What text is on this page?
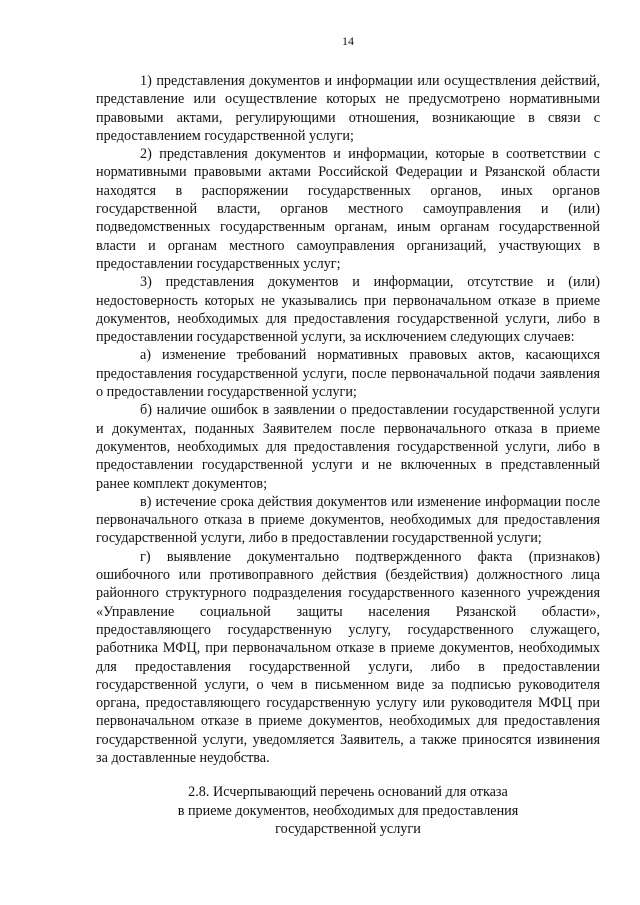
14

1) представления документов и информации или осуществления действий, представление или осуществление которых не предусмотрено нормативными правовыми актами, регулирующими отношения, возникающие в связи с предоставлением государственной услуги;

2) представления документов и информации, которые в соответствии с нормативными правовыми актами Российской Федерации и Рязанской области находятся в распоряжении государственных органов, иных органов государственной власти, органов местного самоуправления и (или) подведомственных государственным органам, иным органам государственной власти и органам местного самоуправления организаций, участвующих в предоставлении государственных услуг;

3) представления документов и информации, отсутствие и (или) недостоверность которых не указывались при первоначальном отказе в приеме документов, необходимых для предоставления государственной услуги, либо в предоставлении государственной услуги, за исключением следующих случаев:

а) изменение требований нормативных правовых актов, касающихся предоставления государственной услуги, после первоначальной подачи заявления о предоставлении государственной услуги;

б) наличие ошибок в заявлении о предоставлении государственной услуги и документах, поданных Заявителем после первоначального отказа в приеме документов, необходимых для предоставления государственной услуги, либо в предоставлении государственной услуги и не включенных в представленный ранее комплект документов;

в) истечение срока действия документов или изменение информации после первоначального отказа в приеме документов, необходимых для предоставления государственной услуги, либо в предоставлении государственной услуги;

г) выявление документально подтвержденного факта (признаков) ошибочного или противоправного действия (бездействия) должностного лица районного структурного подразделения государственного казенного учреждения «Управление социальной защиты населения Рязанской области», предоставляющего государственную услугу, государственного служащего, работника МФЦ, при первоначальном отказе в приеме документов, необходимых для предоставления государственной услуги, либо в предоставлении государственной услуги, о чем в письменном виде за подписью руководителя органа, предоставляющего государственную услугу или руководителя МФЦ при первоначальном отказе в приеме документов, необходимых для предоставления государственной услуги, уведомляется Заявитель, а также приносятся извинения за доставленные неудобства.

2.8. Исчерпывающий перечень оснований для отказа
в приеме документов, необходимых для предоставления
государственной услуги
